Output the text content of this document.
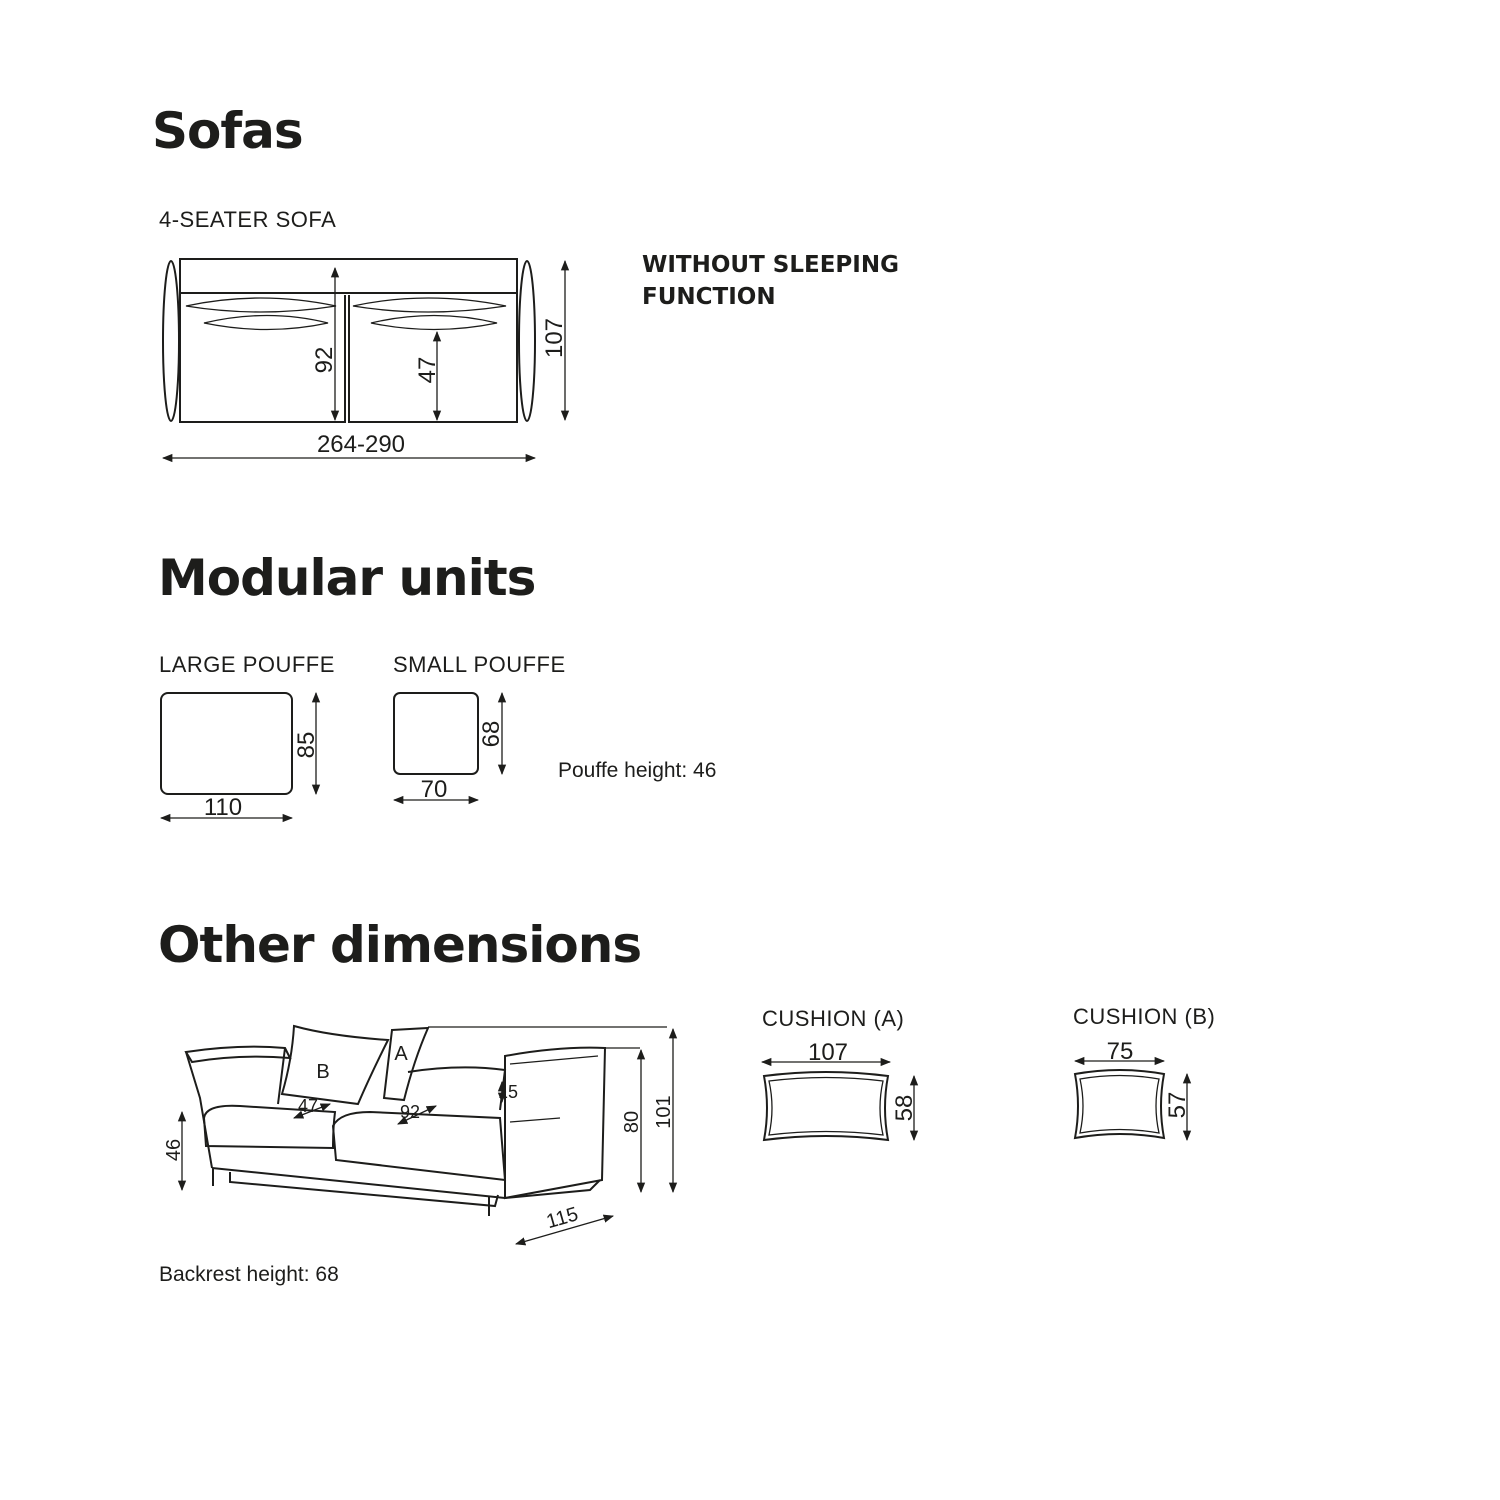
Sofas
4-SEATER SOFA
WITHOUT SLEEPING
FUNCTION
Modular units
LARGE POUFFE	SMALL POUFFE
Pouffe height: 46
Other dimensions
CUSHION (A)	CUSHION (B)
Backrest height: 68
92	47
107
264-290
85
110
68
70
B
A
46
80 101
115
47	92
15
107
58
75
57
